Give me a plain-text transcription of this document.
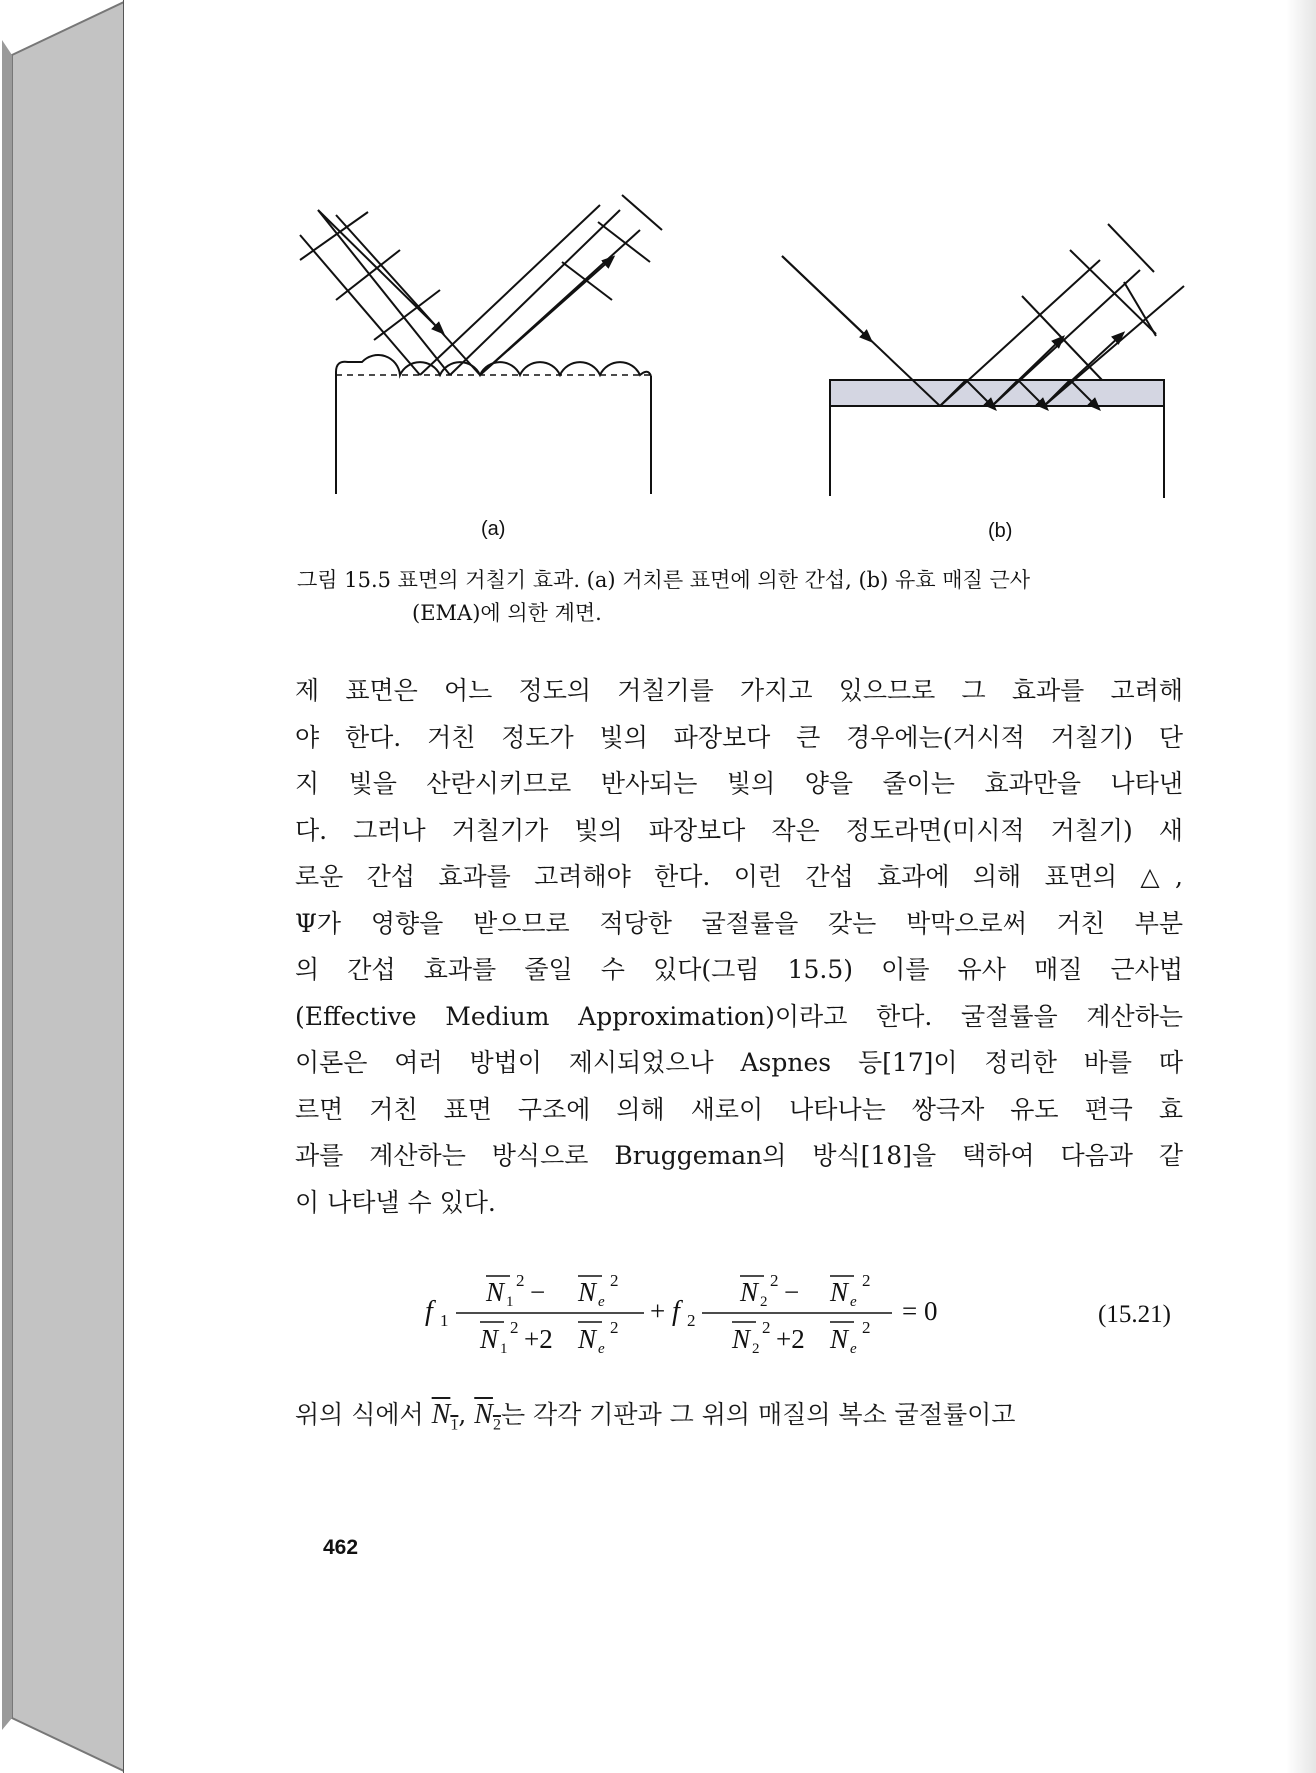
(a)	(b)
그림 15.5 표면의 거칠기 효과. (a) 거치른 표면에 의한 간섭, (b) 유효 매질 근사
(EMA)에 의한 계면.
제 표면은 어느 정도의 거칠기를 가지고 있으므로 그 효과를 고려해
야 한다. 거친 정도가 빛의 파장보다 큰 경우에는(거시적 거칠기) 단
지 빛을 산란시키므로 반사되는 빛의 양을 줄이는 효과만을 나타낸
다. 그러나 거칠기가 빛의 파장보다 작은 정도라면(미시적 거칠기) 새
로운 간섭 효과를 고려해야 한다. 이런 간섭 효과에 의해 표면의 △,
Ψ가 영향을 받으므로 적당한 굴절률을 갖는 박막으로써 거친 부분
의 간섭 효과를 줄일 수 있다(그림 15.5) 이를 유사 매질 근사법
(Effective Medium Approximation)이라고 한다. 굴절률을 계산하는
이론은 여러 방법이 제시되었으나 Aspnes 등[17]이 정리한 바를 따
르면 거친 표면 구조에 의해 새로이 나타나는 쌍극자 유도 편극 효
과를 계산하는 방식으로 Bruggeman의 방식[18]을 택하여 다음과 같
이 나타낼 수 있다.
f 1
N 1
2 − N e
2
N 1
2 +2 N e
2
+ f 2
N 2
2 − N e
2
N 2
2 +2 N e
2
= 0	(15.21)
위의 식에서 $N_1$, $N_2$는 각각 기판과 그 위의 매질의 복소 굴절률이고
462
